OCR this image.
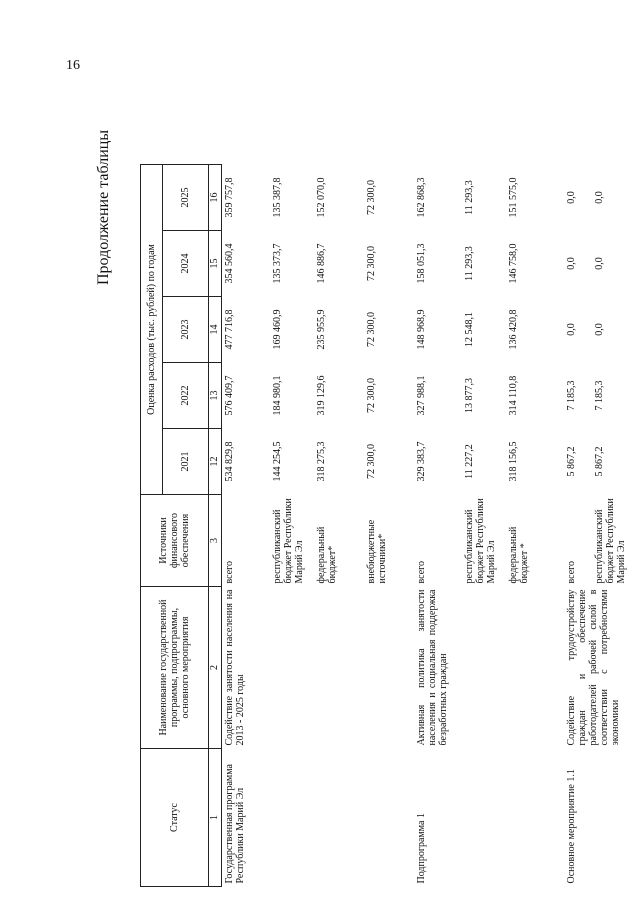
16
Продолжение таблицы
Статус	Наименование государственной программы, подпрограммы, основного мероприятия	Источники финансового обеспечения	Оценка расходов (тыс. рублей) по годам				
			2021	2022	2023	2024	2025
1	2	3	12	13	14	15	16
Государственная программа Республики Марий Эл	Содействие занятости населения на 2013 - 2025 годы	всего	534 829,8	576 409,7	477 716,8	354 560,4	359 757,8
		республиканский бюджет Республики Марий Эл	144 254,5	184 980,1	169 460,9	135 373,7	135 387,8
		федеральный бюджет*	318 275,3	319 129,6	235 955,9	146 886,7	152 070,0
		внебюджетные источники*	72 300,0	72 300,0	72 300,0	72 300,0	72 300,0
Подпрограмма 1	Активная политика занятости населения и социальная поддержка безработных граждан	всего	329 383,7	327 988,1	148 968,9	158 051,3	162 868,3
		республиканский бюджет Республики Марий Эл	11 227,2	13 877,3	12 548,1	11 293,3	11 293,3
		федеральный бюджет *	318 156,5	314 110,8	136 420,8	146 758,0	151 575,0
Основное мероприятие 1.1	Содействие трудоустройству граждан и обеспечение работодателей рабочей силой в соответствии с потребностями экономики	всего	5 867,2	7 185,3	0,0	0,0	0,0
		республиканский бюджет Республики Марий Эл	5 867,2	7 185,3	0,0	0,0	0,0
